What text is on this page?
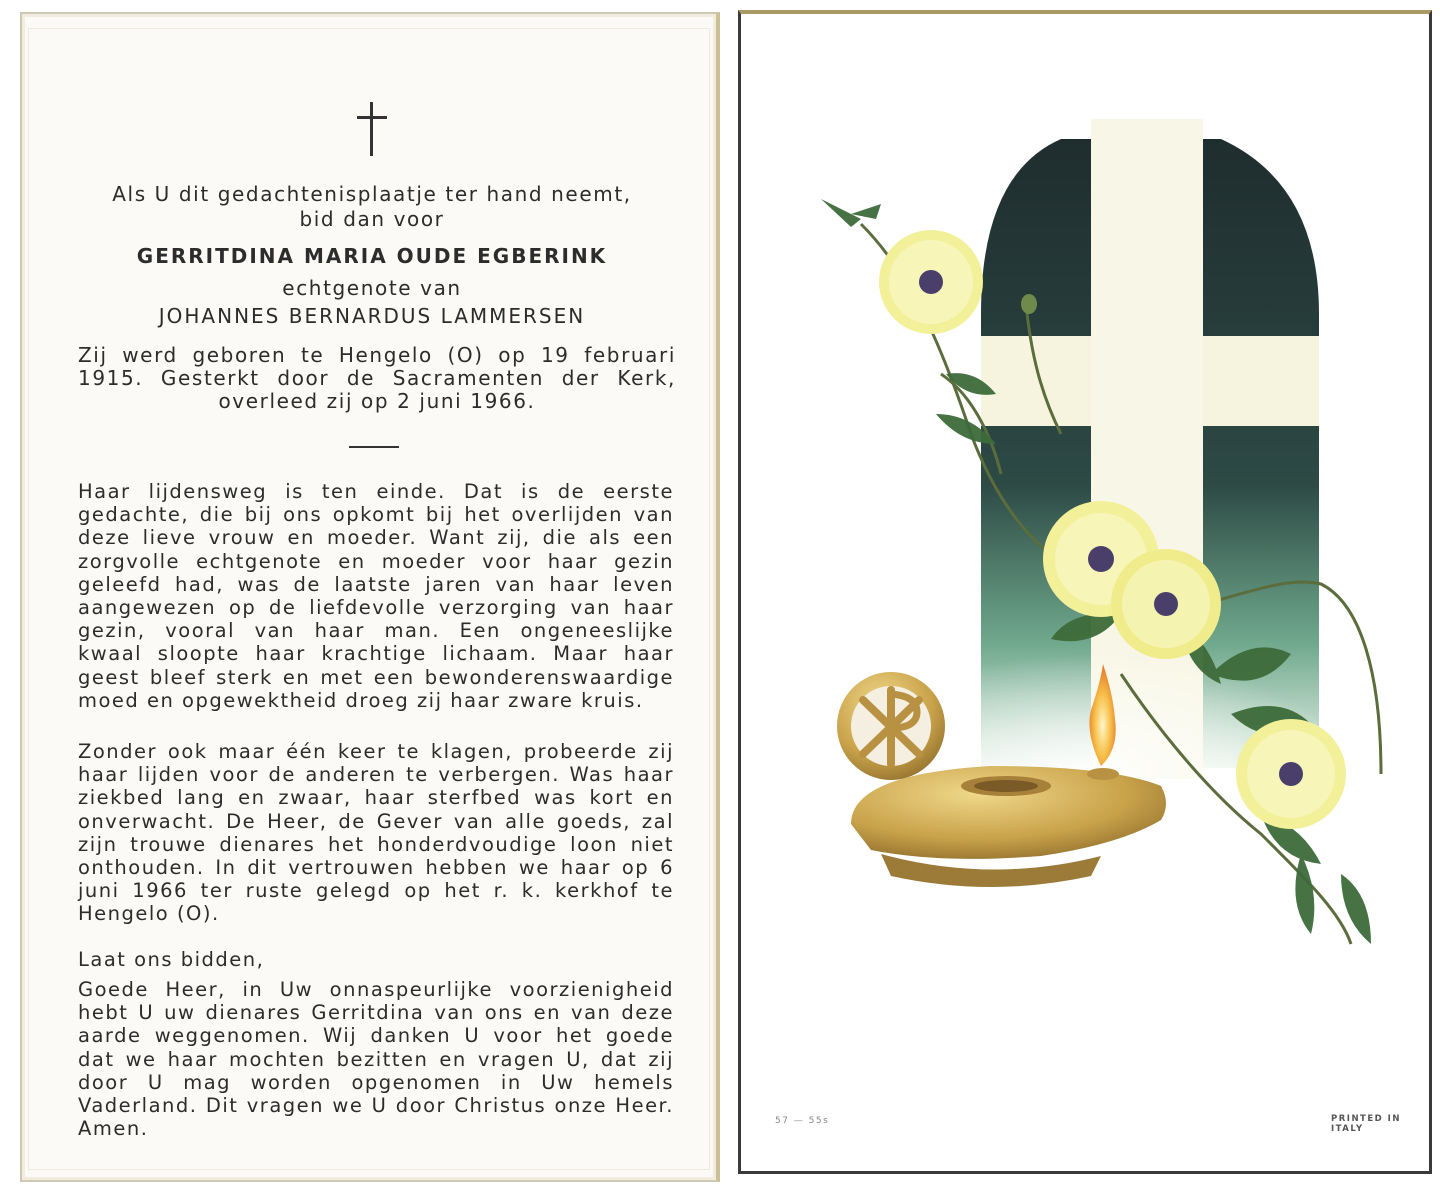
Als U dit gedachtenisplaatje ter hand neemt,
bid dan voor
GERRITDINA MARIA OUDE EGBERINK
echtgenote van
JOHANNES BERNARDUS LAMMERSEN
Zij werd geboren te Hengelo (O) op 19 februari 1915. Gesterkt door de Sacramenten der Kerk, overleed zij op 2 juni 1966.
Haar lijdensweg is ten einde. Dat is de eerste gedachte, die bij ons opkomt bij het overlijden van deze lieve vrouw en moeder. Want zij, die als een zorgvolle echtgenote en moeder voor haar gezin geleefd had, was de laatste jaren van haar leven aangewezen op de liefdevolle verzorging van haar gezin, vooral van haar man. Een ongeneeslijke kwaal sloopte haar krachtige lichaam. Maar haar geest bleef sterk en met een bewonderenswaardige moed en opgewektheid droeg zij haar zware kruis.
Zonder ook maar één keer te klagen, probeerde zij haar lijden voor de anderen te verbergen. Was haar ziekbed lang en zwaar, haar sterfbed was kort en onverwacht. De Heer, de Gever van alle goeds, zal zijn trouwe dienares het honderdvoudige loon niet onthouden. In dit vertrouwen hebben we haar op 6 juni 1966 ter ruste gelegd op het r. k. kerkhof te Hengelo (O).
Laat ons bidden,
Goede Heer, in Uw onnaspeurlijke voorzienigheid hebt U uw dienares Gerritdina van ons en van deze aarde weggenomen. Wij danken U voor het goede dat we haar mochten bezitten en vragen U, dat zij door U mag worden opgenomen in Uw hemels Vaderland. Dit vragen we U door Christus onze Heer. Amen.	57 — 55s	PRINTED IN ITALY
